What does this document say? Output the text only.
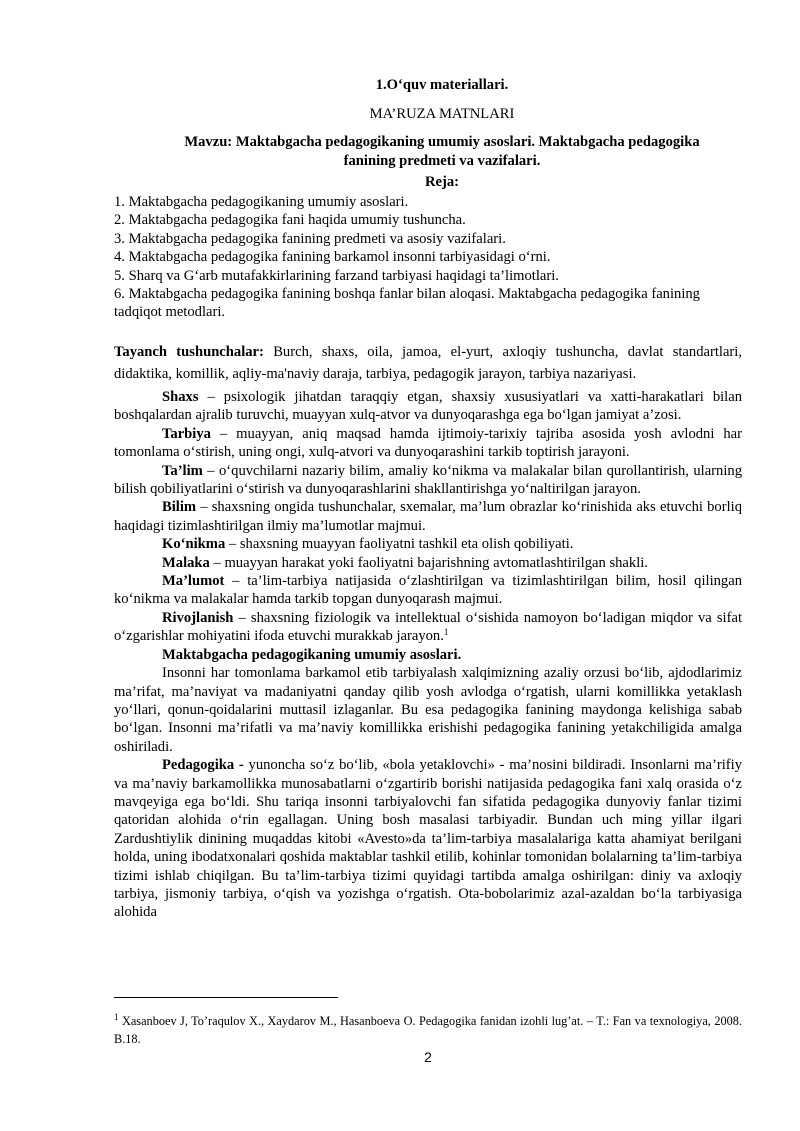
1.O‘quv materiallari.

MA’RUZA MATNLARI

Mavzu: Maktabgacha pedagogikaning umumiy asoslari. Maktabgacha pedagogika

fanining predmeti va vazifalari.

Reja:

1. Maktabgacha pedagogikaning umumiy asoslari.
2. Maktabgacha pedagogika fani haqida umumiy tushuncha.
3. Maktabgacha pedagogika fanining predmeti va asosiy vazifalari.
4. Maktabgacha pedagogika fanining barkamol insonni tarbiyasidagi o‘rni.
5. Sharq va G‘arb mutafakkirlarining farzand tarbiyasi haqidagi ta’limotlari.
6. Maktabgacha pedagogika fanining boshqa fanlar bilan aloqasi. Maktabgacha pedagogika fanining tadqiqot metodlari.

Tayanch tushunchalar: Burch, shaxs, oila, jamoa, el-yurt, axloqiy tushuncha, davlat standartlari, didaktika, komillik, aqliy-ma'naviy daraja, tarbiya, pedagogik jarayon, tarbiya nazariyasi.

Shaxs – psixologik jihatdan taraqqiy etgan, shaxsiy xususiyatlari va xatti-harakatlari bilan boshqalardan ajralib turuvchi, muayyan xulq-atvor va dunyoqarashga ega bo‘lgan jamiyat a’zosi.

Tarbiya – muayyan, aniq maqsad hamda ijtimoiy-tarixiy tajriba asosida yosh avlodni har tomonlama o‘stirish, uning ongi, xulq-atvori va dunyoqarashini tarkib toptirish jarayoni.

Ta’lim – o‘quvchilarni nazariy bilim, amaliy ko‘nikma va malakalar bilan qurollantirish, ularning bilish qobiliyatlarini o‘stirish va dunyoqarashlarini shakllantirishga yo‘naltirilgan jarayon.

Bilim – shaxsning ongida tushunchalar, sxemalar, ma’lum obrazlar ko‘rinishida aks etuvchi borliq haqidagi tizimlashtirilgan ilmiy ma’lumotlar majmui.

Ko‘nikma – shaxsning muayyan faoliyatni tashkil eta olish qobiliyati.

Malaka – muayyan harakat yoki faoliyatni bajarishning avtomatlashtirilgan shakli.

Ma’lumot – ta’lim-tarbiya natijasida o‘zlashtirilgan va tizimlashtirilgan bilim, hosil qilingan ko‘nikma va malakalar hamda tarkib topgan dunyoqarash majmui.

Rivojlanish – shaxsning fiziologik va intellektual o‘sishida namoyon bo‘ladigan miqdor va sifat o‘zgarishlar mohiyatini ifoda etuvchi murakkab jarayon.$^1$

Maktabgacha pedagogikaning umumiy asoslari.

Insonni har tomonlama barkamol etib tarbiyalash xalqimizning azaliy orzusi bo‘lib, ajdodlarimiz ma’rifat, ma’naviyat va madaniyatni qanday qilib yosh avlodga o‘rgatish, ularni komillikka yetaklash yo‘llari, qonun-qoidalarini muttasil izlaganlar. Bu esa pedagogika fanining maydonga kelishiga sabab bo‘lgan. Insonni ma’rifatli va ma’naviy komillikka erishishi pedagogika fanining yetakchiligida amalga oshiriladi.

Pedagogika - yunoncha so‘z bo‘lib, «bola yetaklovchi» - ma’nosini bildiradi. Insonlarni ma’rifiy va ma’naviy barkamollikka munosabatlarni o‘zgartirib borishi natijasida pedagogika fani xalq orasida o‘z mavqeyiga ega bo‘ldi. Shu tariqa insonni tarbiyalovchi fan sifatida pedagogika dunyoviy fanlar tizimi qatoridan alohida o‘rin egallagan. Uning bosh masalasi tarbiyadir. Bundan uch ming yillar ilgari Zardushtiylik dinining muqaddas kitobi «Avesto»da ta’lim-tarbiya masalalariga katta ahamiyat berilgani holda, uning ibodatxonalari qoshida maktablar tashkil etilib, kohinlar tomonidan bolalarning ta’lim-tarbiya tizimi ishlab chiqilgan. Bu ta’lim-tarbiya tizimi quyidagi tartibda amalga oshirilgan: diniy va axloqiy tarbiya, jismoniy tarbiya, o‘qish va yozishga o‘rgatish. Ota-bobolarimiz azal-azaldan bo‘la tarbiyasiga alohida

$^1$ Xasanboev J, To’raqulov X., Xaydarov M., Hasanboeva O. Pedagogika fanidan izohli lug’at. – T.: Fan va texnologiya, 2008. B.18.

2
